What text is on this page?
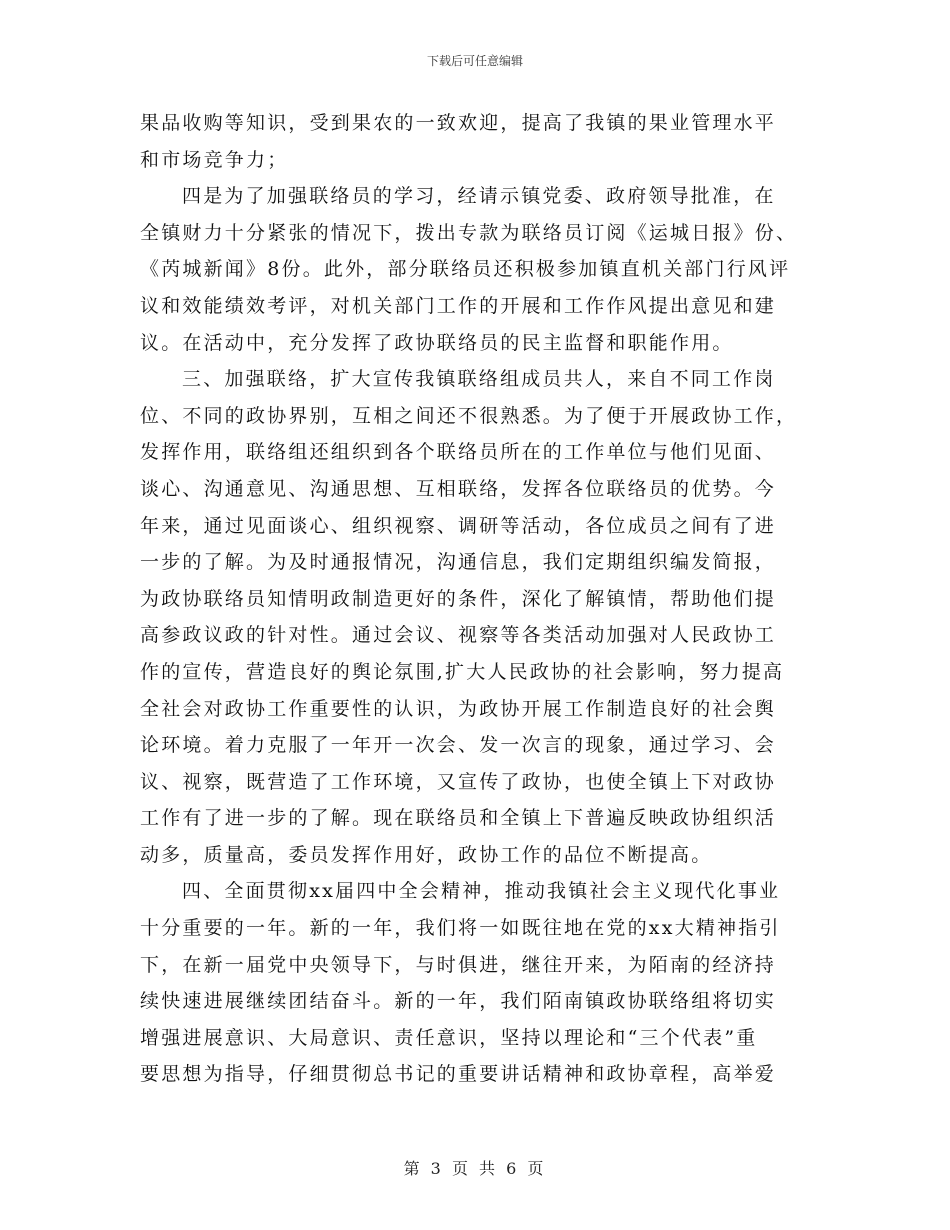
下载后可任意编辑
果品收购等知识，受到果农的一致欢迎，提高了我镇的果业管理水平
和市场竞争力；
四是为了加强联络员的学习，经请示镇党委、政府领导批准，在
全镇财力十分紧张的情况下，拨出专款为联络员订阅《运城日报》份、
《芮城新闻》8份。此外，部分联络员还积极参加镇直机关部门行风评
议和效能绩效考评，对机关部门工作的开展和工作作风提出意见和建
议。在活动中，充分发挥了政协联络员的民主监督和职能作用。
三、加强联络，扩大宣传我镇联络组成员共人，来自不同工作岗
位、不同的政协界别，互相之间还不很熟悉。为了便于开展政协工作，
发挥作用，联络组还组织到各个联络员所在的工作单位与他们见面、
谈心、沟通意见、沟通思想、互相联络，发挥各位联络员的优势。今
年来，通过见面谈心、组织视察、调研等活动，各位成员之间有了进
一步的了解。为及时通报情况，沟通信息，我们定期组织编发简报，
为政协联络员知情明政制造更好的条件，深化了解镇情，帮助他们提
高参政议政的针对性。通过会议、视察等各类活动加强对人民政协工
作的宣传，营造良好的舆论氛围,扩大人民政协的社会影响，努力提高
全社会对政协工作重要性的认识，为政协开展工作制造良好的社会舆
论环境。着力克服了一年开一次会、发一次言的现象，通过学习、会
议、视察，既营造了工作环境，又宣传了政协，也使全镇上下对政协
工作有了进一步的了解。现在联络员和全镇上下普遍反映政协组织活
动多，质量高，委员发挥作用好，政协工作的品位不断提高。
四、全面贯彻xx届四中全会精神，推动我镇社会主义现代化事业
十分重要的一年。新的一年，我们将一如既往地在党的xx大精神指引
下，在新一届党中央领导下，与时俱进，继往开来，为陌南的经济持
续快速进展继续团结奋斗。新的一年，我们陌南镇政协联络组将切实
增强进展意识、大局意识、责任意识，坚持以理论和“三个代表”重
要思想为指导，仔细贯彻总书记的重要讲话精神和政协章程，高举爱
第 3 页 共 6 页
